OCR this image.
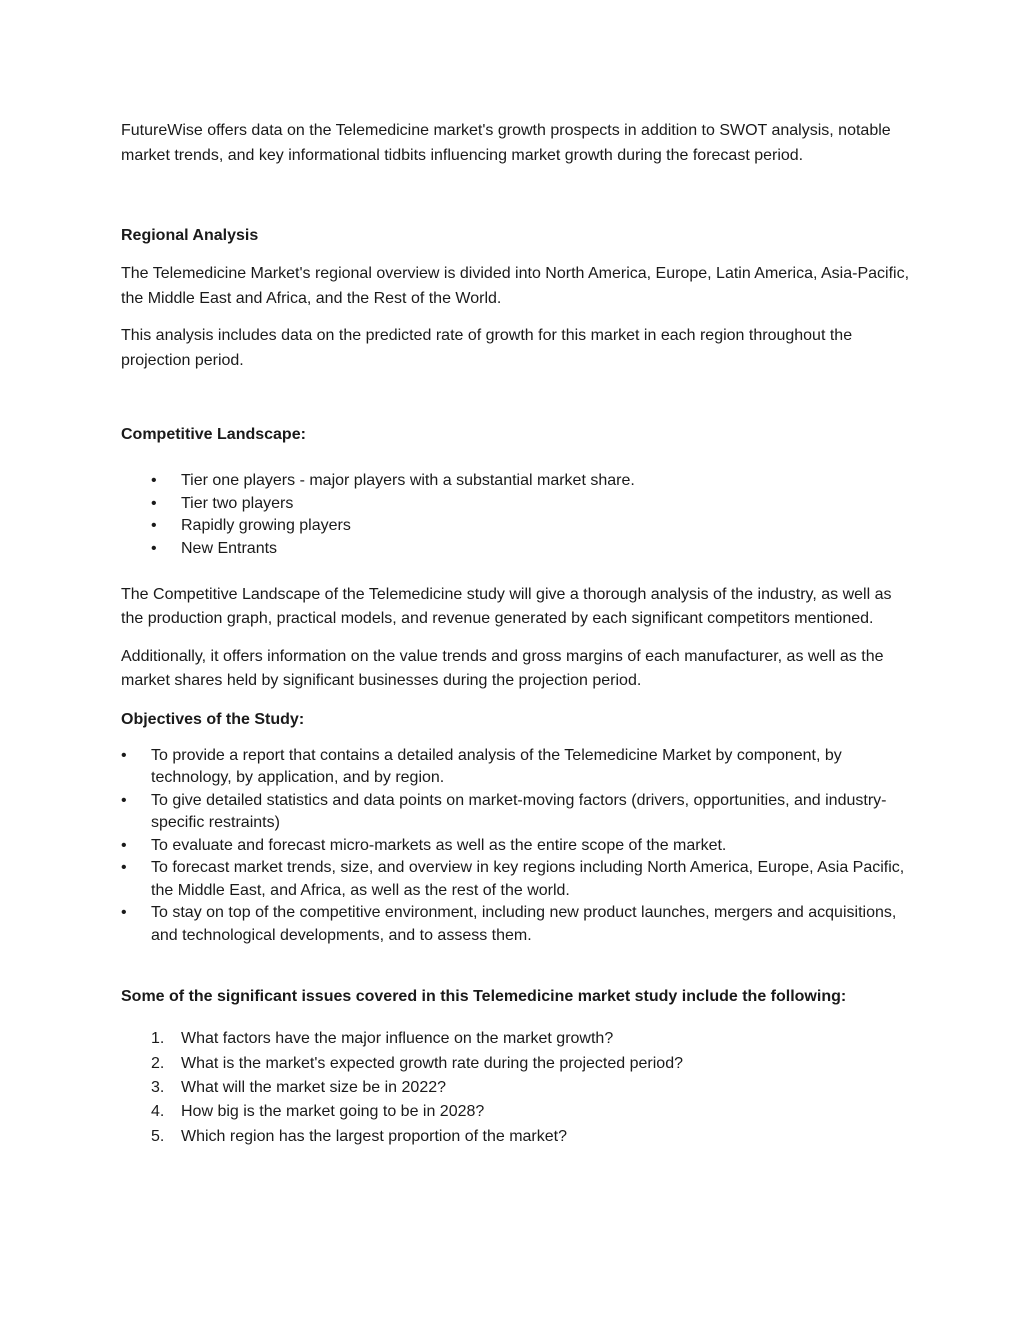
FutureWise offers data on the Telemedicine market's growth prospects in addition to SWOT analysis, notable market trends, and key informational tidbits influencing market growth during the forecast period.

Regional Analysis

The Telemedicine Market's regional overview is divided into North America, Europe, Latin America, Asia-Pacific, the Middle East and Africa, and the Rest of the World.

This analysis includes data on the predicted rate of growth for this market in each region throughout the projection period.

Competitive Landscape:

• Tier one players - major players with a substantial market share.
• Tier two players
• Rapidly growing players
• New Entrants

The Competitive Landscape of the Telemedicine study will give a thorough analysis of the industry, as well as the production graph, practical models, and revenue generated by each significant competitors mentioned.

Additionally, it offers information on the value trends and gross margins of each manufacturer, as well as the market shares held by significant businesses during the projection period.

Objectives of the Study:

• To provide a report that contains a detailed analysis of the Telemedicine Market by component, by technology, by application, and by region.
• To give detailed statistics and data points on market-moving factors (drivers, opportunities, and industry-specific restraints)
• To evaluate and forecast micro-markets as well as the entire scope of the market.
• To forecast market trends, size, and overview in key regions including North America, Europe, Asia Pacific, the Middle East, and Africa, as well as the rest of the world.
• To stay on top of the competitive environment, including new product launches, mergers and acquisitions, and technological developments, and to assess them.

Some of the significant issues covered in this Telemedicine market study include the following:

1. What factors have the major influence on the market growth?
2. What is the market's expected growth rate during the projected period?
3. What will the market size be in 2022?
4. How big is the market going to be in 2028?
5. Which region has the largest proportion of the market?
